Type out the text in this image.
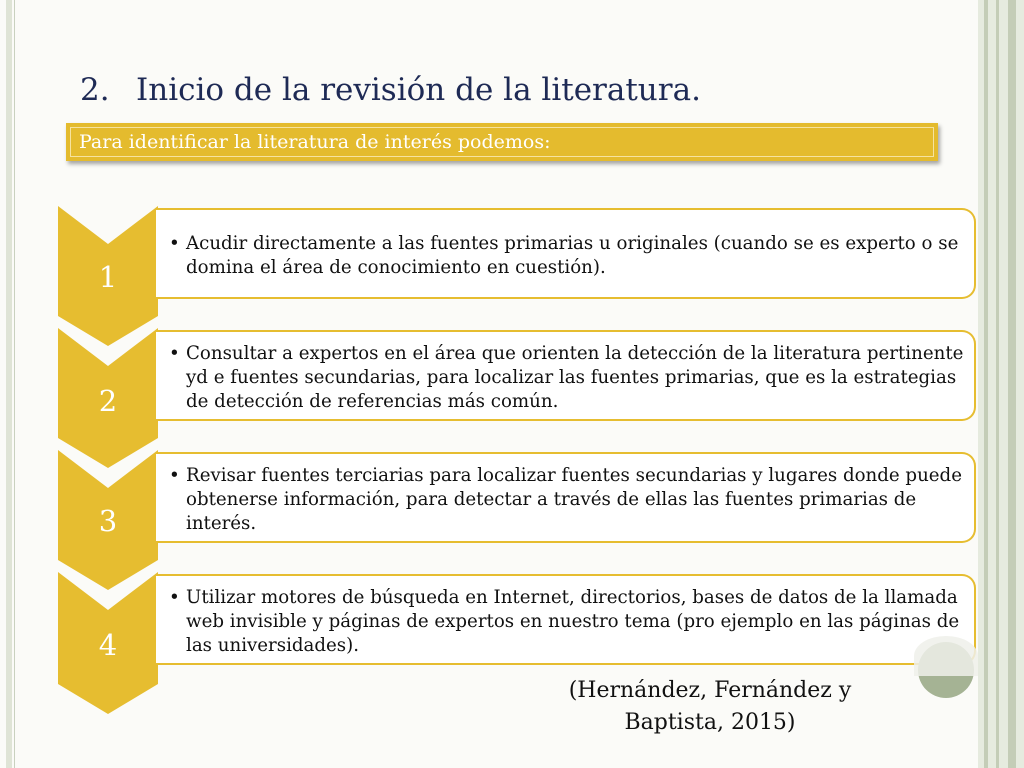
2. Inicio de la revisión de la literatura.
Para identificar la literatura de interés podemos:
1
• Acudir directamente a las fuentes primarias u originales (cuando se es experto o se domina el área de conocimiento en cuestión).
2
• Consultar a expertos en el área que orienten la detección de la literatura pertinente yd e fuentes secundarias, para localizar las fuentes primarias, que es la estrategias de detección de referencias más común.
3
• Revisar fuentes terciarias para localizar fuentes secundarias y lugares donde puede obtenerse información, para detectar a través de ellas las fuentes primarias de interés.
4
• Utilizar motores de búsqueda en Internet, directorios, bases de datos de la llamada web invisible y páginas de expertos en nuestro tema (pro ejemplo en las páginas de las universidades).
(Hernández, Fernández y
Baptista, 2015)
